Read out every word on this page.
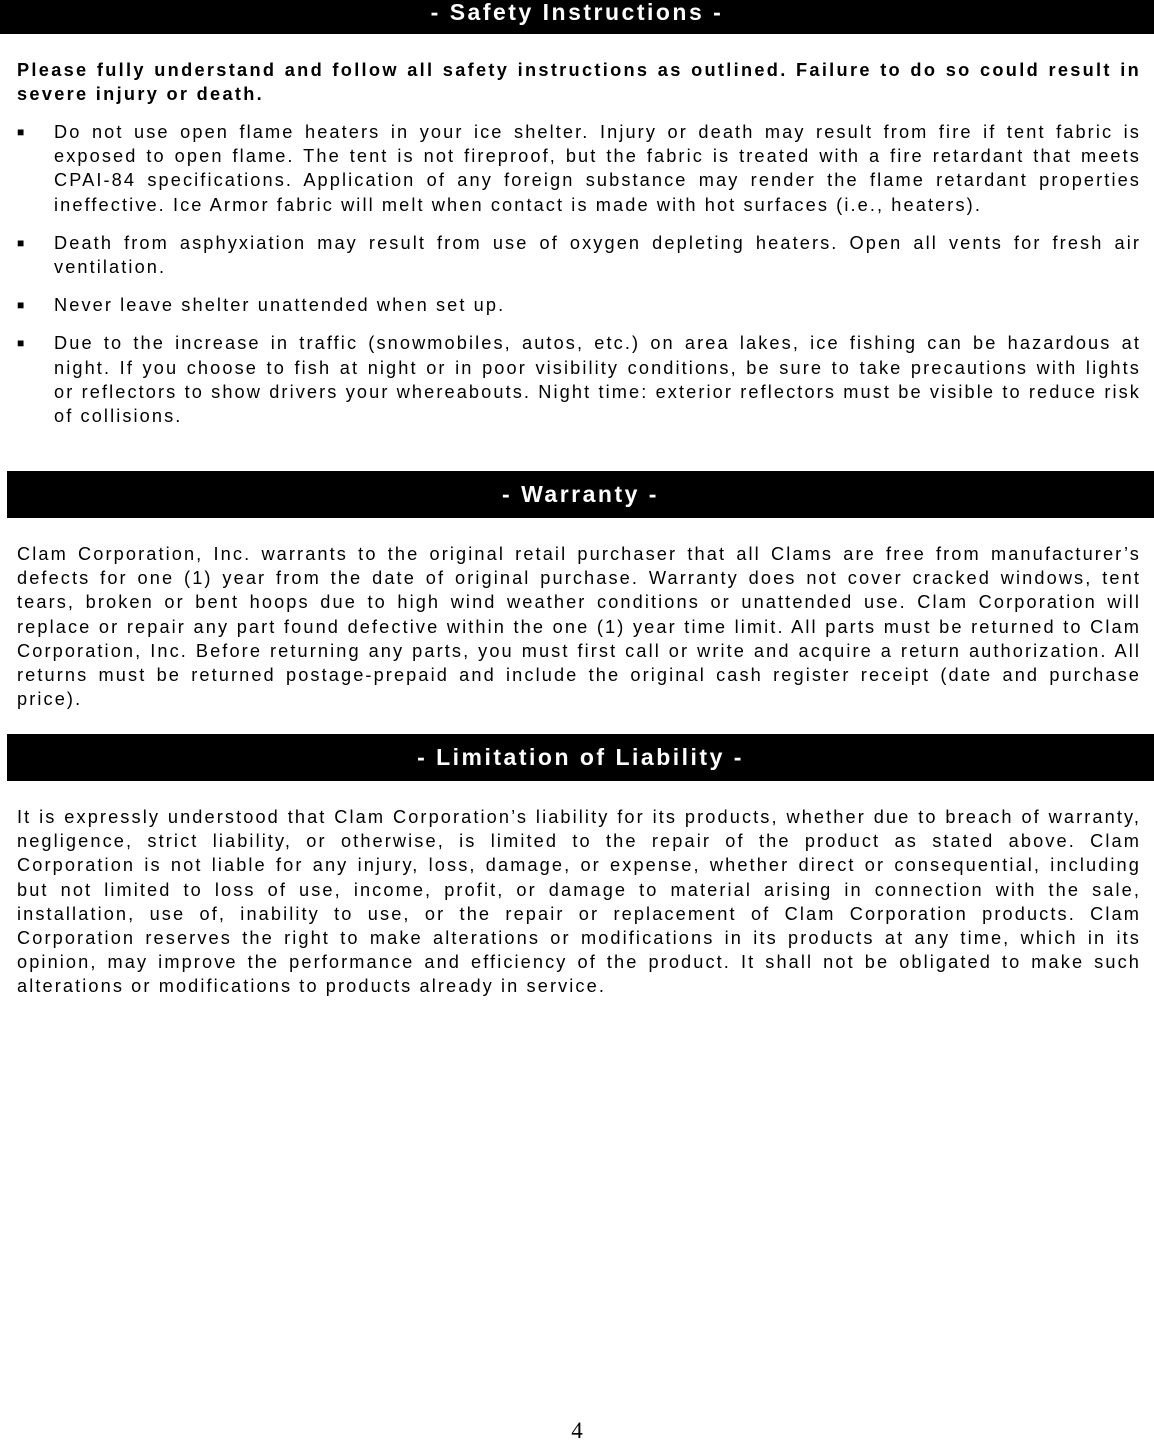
- Safety Instructions -

Please fully understand and follow all safety instructions as outlined. Failure to do so could result in severe injury or death.

■ Do not use open flame heaters in your ice shelter. Injury or death may result from fire if tent fabric is exposed to open flame. The tent is not fireproof, but the fabric is treated with a fire retardant that meets CPAI-84 specifications. Application of any foreign substance may render the flame retardant properties ineffective. Ice Armor fabric will melt when contact is made with hot surfaces (i.e., heaters).
■ Death from asphyxiation may result from use of oxygen depleting heaters. Open all vents for fresh air ventilation.
■ Never leave shelter unattended when set up.
■ Due to the increase in traffic (snowmobiles, autos, etc.) on area lakes, ice fishing can be hazardous at night. If you choose to fish at night or in poor visibility conditions, be sure to take precautions with lights or reflectors to show drivers your whereabouts. Night time: exterior reflectors must be visible to reduce risk of collisions.
- Warranty -

Clam Corporation, Inc. warrants to the original retail purchaser that all Clams are free from manufacturer’s defects for one (1) year from the date of original purchase. Warranty does not cover cracked windows, tent tears, broken or bent hoops due to high wind weather conditions or unattended use. Clam Corporation will replace or repair any part found defective within the one (1) year time limit. All parts must be returned to Clam Corporation, Inc. Before returning any parts, you must first call or write and acquire a return authorization. All returns must be returned postage-prepaid and include the original cash register receipt (date and purchase price).

- Limitation of Liability -

It is expressly understood that Clam Corporation’s liability for its products, whether due to breach of warranty, negligence, strict liability, or otherwise, is limited to the repair of the product as stated above. Clam Corporation is not liable for any injury, loss, damage, or expense, whether direct or consequential, including but not limited to loss of use, income, profit, or damage to material arising in connection with the sale, installation, use of, inability to use, or the repair or replacement of Clam Corporation products. Clam Corporation reserves the right to make alterations or modifications in its products at any time, which in its opinion, may improve the performance and efficiency of the product. It shall not be obligated to make such alterations or modifications to products already in service.

4
